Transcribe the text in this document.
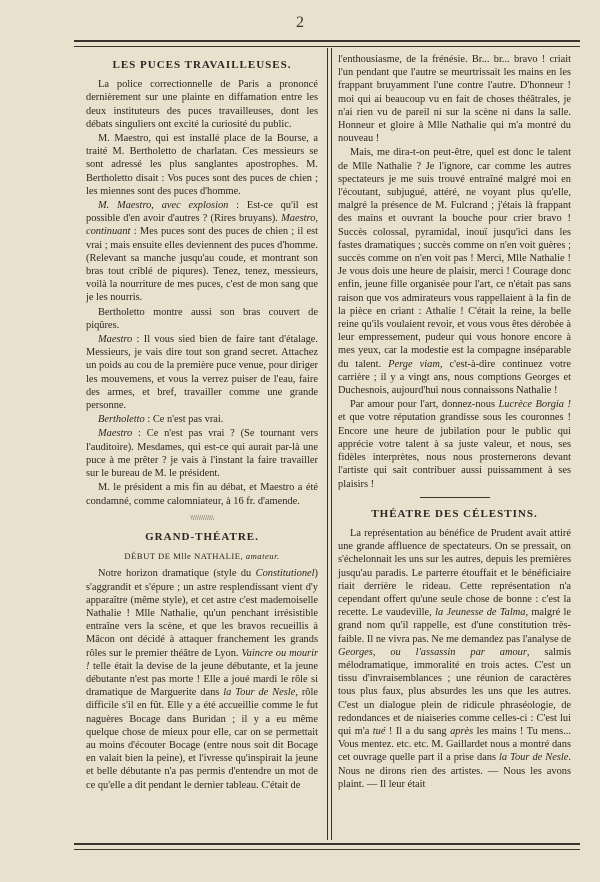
2
LES PUCES TRAVAILLEUSES.

La police correctionnelle de Paris a prononcé dernièrement sur une plainte en diffamation entre les deux instituteurs des puces travailleuses, dont les débats singuliers ont excité la curiosité du public.

M. Maestro, qui est installé place de la Bourse, a traité M. Bertholetto de charlatan. Ces messieurs se sont adressé les plus sanglantes apostrophes. M. Bertholetto disait : Vos puces sont des puces de chien ; les miennes sont des puces d'homme.

M. Maestro, avec explosion : Est-ce qu'il est possible d'en avoir d'autres ? (Rires bruyans). Maestro, continuant : Mes puces sont des puces de chien ; il est vrai ; mais ensuite elles deviennent des puces d'homme. (Relevant sa manche jusqu'au coude, et montrant son bras tout criblé de piqures). Tenez, tenez, messieurs, voilà la nourriture de mes puces, c'est de mon sang que je les nourris.

Bertholetto montre aussi son bras couvert de piqûres.

Maestro : Il vous sied bien de faire tant d'étalage. Messieurs, je vais dire tout son grand secret. Attachez un poids au cou de la première puce venue, pour diriger les mouvemens, et vous la verrez puiser de l'eau, faire des armes, et bref, travailler comme une grande personne.

Bertholetto : Ce n'est pas vrai.

Maestro : Ce n'est pas vrai ? (Se tournant vers l'auditoire). Mesdames, qui est-ce qui aurait par-là une puce à me prêter ? je vais à l'instant la faire travailler sur le bureau de M. le président.

M. le président a mis fin au débat, et Maestro a été condamné, comme calomniateur, à 16 fr. d'amende.

\\\\\\\\\\\\
GRAND-THÉATRE.
DÉBUT DE Mlle NATHALIE, amateur.

Notre horizon dramatique (style du Constitutionel) s'aggrandit et s'épure ; un astre resplendissant vient d'y apparaître (même style), et cet astre c'est mademoiselle Nathalie ! Mlle Nathalie, qu'un penchant irrésistible entraîne vers la scène, et que les bravos recueillis à Mâcon ont décidé à attaquer franchement les grands rôles sur le premier théâtre de Lyon. Vaincre ou mourir ! telle était la devise de la jeune débutante, et la jeune débutante n'est pas morte ! Elle a joué mardi le rôle si dramatique de Marguerite dans la Tour de Nesle, rôle difficile s'il en fût. Elle y a été accueillie comme le fut naguères Bocage dans Buridan ; il y a eu même quelque chose de mieux pour elle, car on se permettait au moins d'écouter Bocage (entre nous soit dit Bocage en valait bien la peine), et l'ivresse qu'inspirait la jeune et belle débutante n'a pas permis d'entendre un mot de ce qu'elle a dit pendant le dernier tableau. C'était de

l'enthousiasme, de la frénésie. Br... br... bravo ! criait l'un pendant que l'autre se meurtrissait les mains en les frappant bruyamment l'une contre l'autre. D'honneur ! moi qui ai beaucoup vu en fait de choses théâtrales, je n'ai rien vu de pareil ni sur la scène ni dans la salle. Honneur et gloire à Mlle Nathalie qui m'a montré du nouveau !

Mais, me dira-t-on peut-être, quel est donc le talent de Mlle Nathalie ? Je l'ignore, car comme les autres spectateurs je me suis trouvé entraîné malgré moi en l'écoutant, subjugué, attéré, ne voyant plus qu'elle, malgré la présence de M. Fulcrand ; j'étais là frappant des mains et ouvrant la bouche pour crier bravo ! Succès colossal, pyramidal, inouï jusqu'ici dans les fastes dramatiques ; succès comme on n'en voit guères ; succès comme on n'en voit pas ! Merci, Mlle Nathalie ! Je vous dois une heure de plaisir, merci ! Courage donc enfin, jeune fille organisée pour l'art, ce n'était pas sans raison que vos admirateurs vous rappellaient à la fin de la pièce en criant : Athalie ! C'était la reine, la belle reine qu'ils voulaient revoir, et vous vous êtes dérobée à leur empressement, pudeur qui vous honore encore à mes yeux, car la modestie est la compagne inséparable du talent. Perge viam, c'est-à-dire continuez votre carrière ; il y a vingt ans, nous comptions Georges et Duchesnois, aujourd'hui nous connaissons Nathalie !

Par amour pour l'art, donnez-nous Lucrèce Borgia ! et que votre réputation grandisse sous les couronnes ! Encore une heure de jubilation pour le public qui apprécie votre talent à sa juste valeur, et nous, ses fidèles interprètes, nous nous prosternerons devant l'artiste qui sait contribuer aussi puissamment à ses plaisirs !

THÉATRE DES CÉLESTINS.

La représentation au bénéfice de Prudent avait attiré une grande affluence de spectateurs. On se pressait, on s'échelonnait les uns sur les autres, depuis les premières jusqu'au paradis. Le parterre étouffait et le bénéficiaire riait derrière le rideau. Cette représentation n'a cependant offert qu'une seule chose de bonne : c'est la recette. Le vaudeville, la Jeunesse de Talma, malgré le grand nom qu'il rappelle, est d'une constitution très-faible. Il ne vivra pas. Ne me demandez pas l'analyse de Georges, ou l'assassin par amour, salmis mélodramatique, immoralité en trois actes. C'est un tissu d'invraisemblances ; une réunion de caractères tous plus faux, plus absurdes les uns que les autres. C'est un dialogue plein de ridicule phraséologie, de redondances et de niaiseries comme celles-ci : C'est lui qui m'a tué ! Il a du sang après les mains ! Tu mens... Vous mentez. etc. etc. M. Gaillardet nous a montré dans cet ouvrage quelle part il a prise dans la Tour de Nesle. Nous ne dirons rien des artistes. — Nous les avons plaint. — Il leur était
